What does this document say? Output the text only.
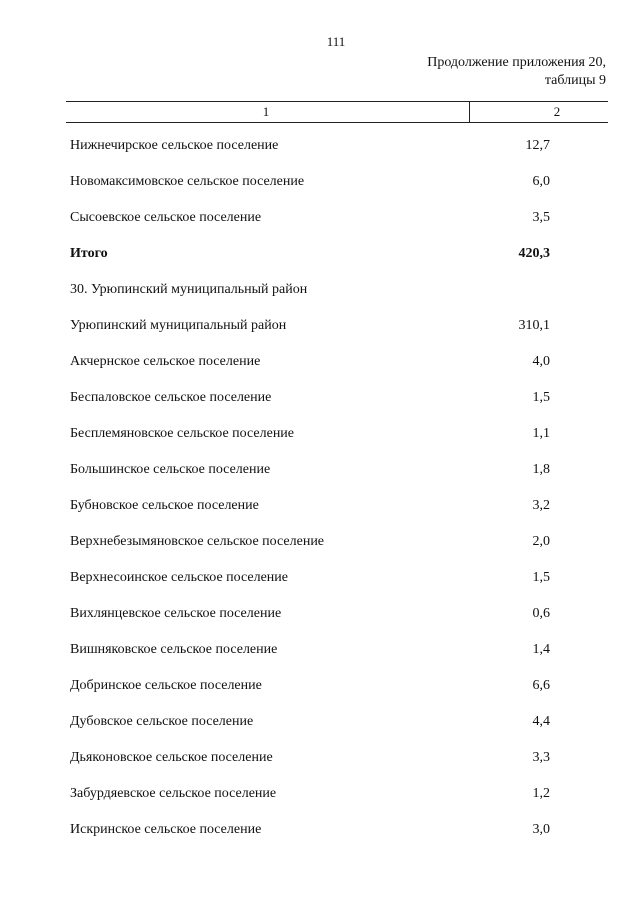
111
Продолжение приложения 20,
таблицы 9
1	2
Нижнечирское сельское поселение	12,7
Новомаксимовское сельское поселение	6,0
Сысоевское сельское поселение	3,5
Итого	420,3
30. Урюпинский муниципальный район
Урюпинский муниципальный район	310,1
Акчернское сельское поселение	4,0
Беспаловское сельское поселение	1,5
Бесплемяновское сельское поселение	1,1
Большинское сельское поселение	1,8
Бубновское сельское поселение	3,2
Верхнебезымяновское сельское поселение	2,0
Верхнесоинское сельское поселение	1,5
Вихлянцевское сельское поселение	0,6
Вишняковское сельское поселение	1,4
Добринское сельское поселение	6,6
Дубовское сельское поселение	4,4
Дьяконовское сельское поселение	3,3
Забурдяевское сельское поселение	1,2
Искринское сельское поселение	3,0
